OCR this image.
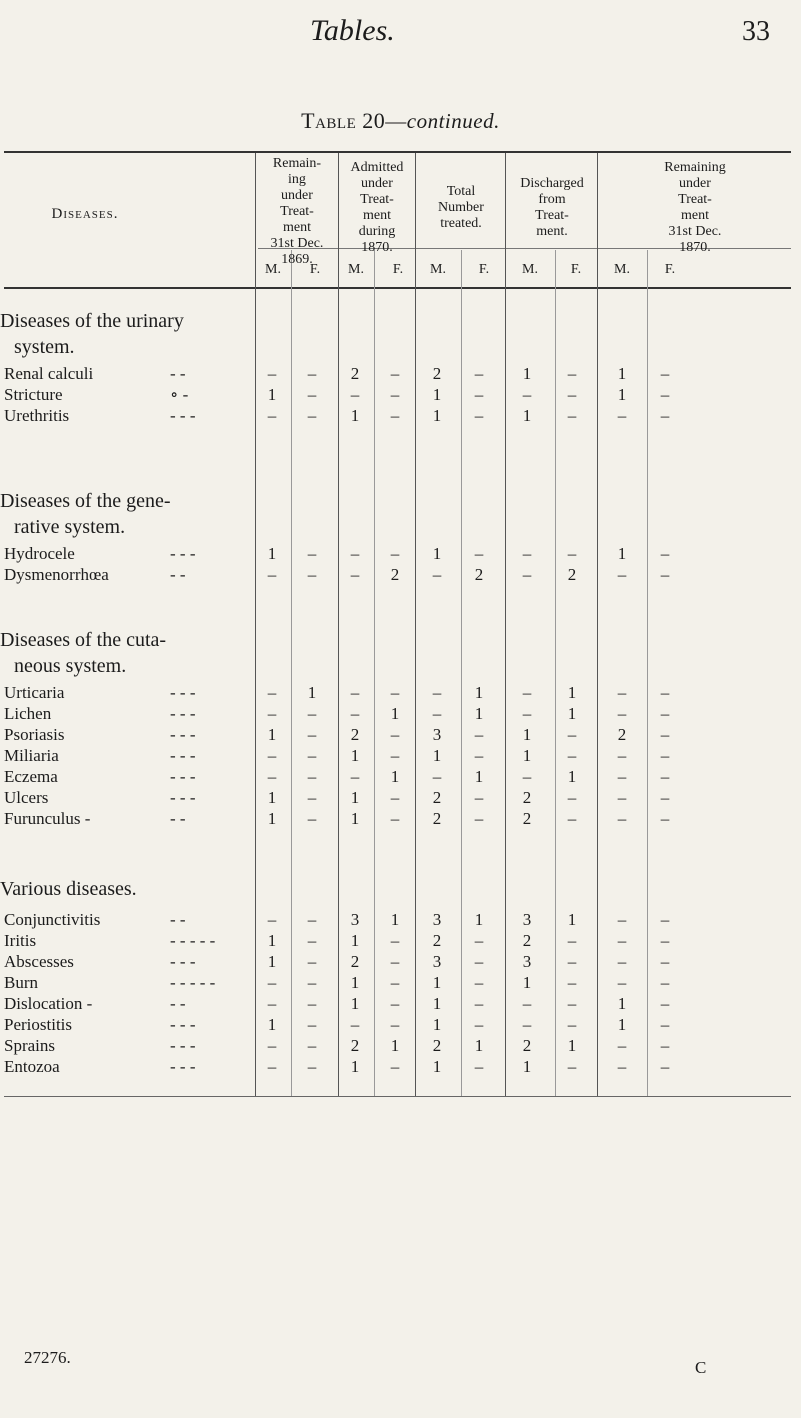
Tables.	33
Table 20—continued.
Diseases.
Remain-
ing
under
Treat-
ment
31st Dec.
1869.
Admitted
under
Treat-
ment
during
1870.
Total
Number
treated.
Discharged
from
Treat-
ment.
Remaining
under
Treat-
ment
31st Dec.
1870.
M.	F.	M.	F.	M.	F.	M.	F.	M.	F.
Diseases of the urinary
system.
Renal calculi	- -	–	–	2	–	2	–	1	–	1	–
Stricture	∘ -	1	–	–	–	1	–	–	–	1	–
Urethritis	- - -	–	–	1	–	1	–	1	–	–	–
Diseases of the gene-
rative system.
Hydrocele	- - -	1	–	–	–	1	–	–	–	1	–
Dysmenorrhœa	- -	–	–	–	2	–	2	–	2	–	–
Diseases of the cuta-
neous system.
Urticaria	- - -	–	1	–	–	–	1	–	1	–	–
Lichen	- - -	–	–	–	1	–	1	–	1	–	–
Psoriasis	- - -	1	–	2	–	3	–	1	–	2	–
Miliaria	- - -	–	–	1	–	1	–	1	–	–	–
Eczema	- - -	–	–	–	1	–	1	–	1	–	–
Ulcers	- - -	1	–	1	–	2	–	2	–	–	–
Furunculus -	- -	1	–	1	–	2	–	2	–	–	–
Various diseases.
Conjunctivitis	- -	–	–	3	1	3	1	3	1	–	–
Iritis	- - - - -	1	–	1	–	2	–	2	–	–	–
Abscesses	- - -	1	–	2	–	3	–	3	–	–	–
Burn	- - - - -	–	–	1	–	1	–	1	–	–	–
Dislocation -	- -	–	–	1	–	1	–	–	–	1	–
Periostitis	- - -	1	–	–	–	1	–	–	–	1	–
Sprains	- - -	–	–	2	1	2	1	2	1	–	–
Entozoa	- - -	–	–	1	–	1	–	1	–	–	–
27276.
C
